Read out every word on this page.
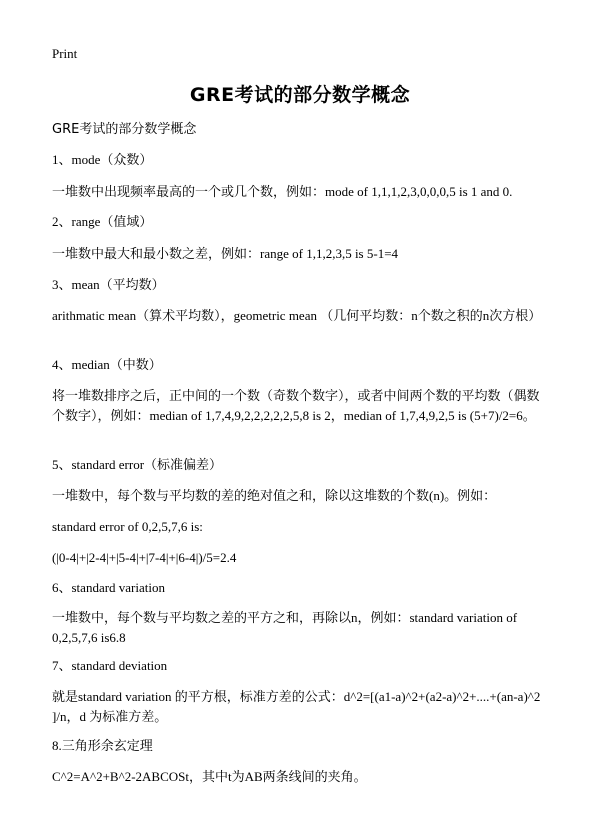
Print
GRE考试的部分数学概念
GRE考试的部分数学概念
1、mode（众数）
一堆数中出现频率最高的一个或几个数，例如：mode of 1,1,1,2,3,0,0,0,5 is 1 and 0.
2、range（值域）
一堆数中最大和最小数之差，例如：range of 1,1,2,3,5 is 5-1=4
3、mean（平均数）
arithmatic mean（算术平均数），geometric mean （几何平均数：n个数之积的n次方根）
4、median（中数）
将一堆数排序之后，正中间的一个数（奇数个数字），或者中间两个数的平均数（偶数个数字），例如：median of 1,7,4,9,2,2,2,2,2,5,8 is 2，median of 1,7,4,9,2,5 is (5+7)/2=6。
5、standard error（标准偏差）
一堆数中，每个数与平均数的差的绝对值之和，除以这堆数的个数(n)。例如：
standard error of 0,2,5,7,6 is:
(|0-4|+|2-4|+|5-4|+|7-4|+|6-4|)/5=2.4
6、standard variation
一堆数中，每个数与平均数之差的平方之和，再除以n，例如：standard variation of 0,2,5,7,6 is6.8
7、standard deviation
就是standard variation 的平方根，标准方差的公式：d^2=[(a1-a)^2+(a2-a)^2+....+(an-a)^2 ]/n，d 为标准方差。
8.三角形余玄定理
C^2=A^2+B^2-2ABCOSt，其中t为AB两条线间的夹角。
